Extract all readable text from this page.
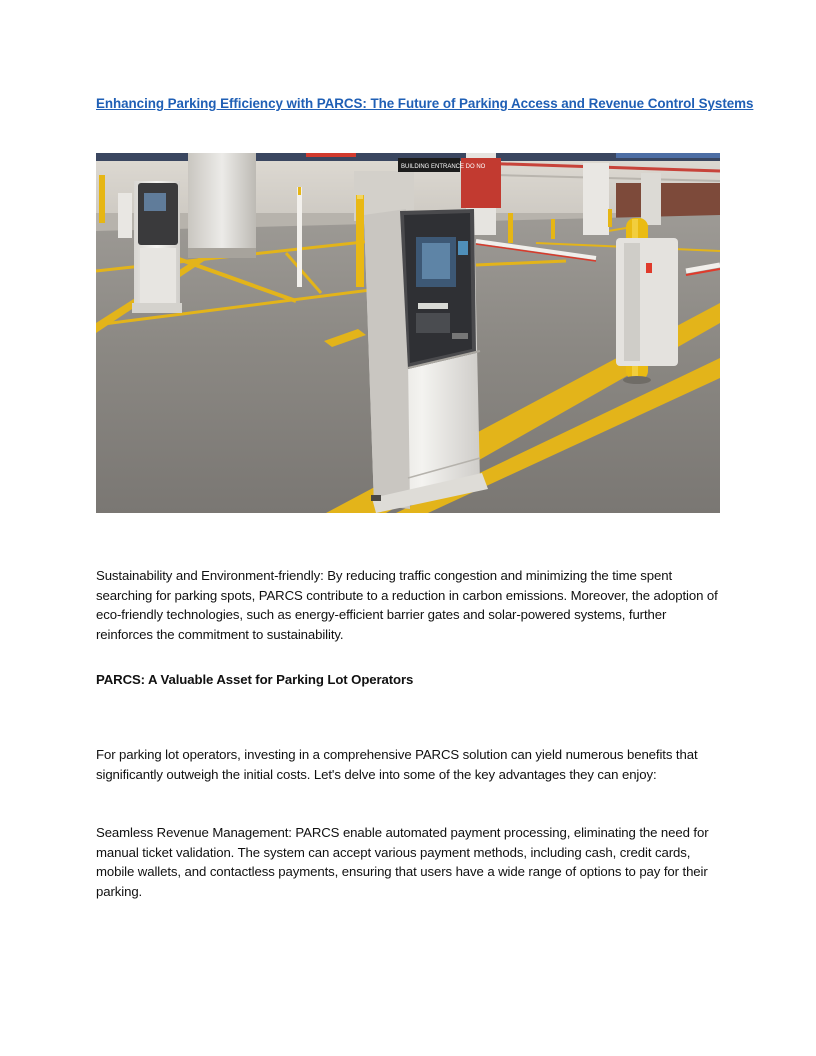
Enhancing Parking Efficiency with PARCS: The Future of Parking Access and Revenue Control Systems
BUILDING ENTRANCE DO NO

Sustainability and Environment-friendly: By reducing traffic congestion and minimizing the time spent searching for parking spots, PARCS contribute to a reduction in carbon emissions. Moreover, the adoption of eco-friendly technologies, such as energy-efficient barrier gates and solar-powered systems, further reinforces the commitment to sustainability.

PARCS: A Valuable Asset for Parking Lot Operators

For parking lot operators, investing in a comprehensive PARCS solution can yield numerous benefits that significantly outweigh the initial costs. Let's delve into some of the key advantages they can enjoy:

Seamless Revenue Management: PARCS enable automated payment processing, eliminating the need for manual ticket validation. The system can accept various payment methods, including cash, credit cards, mobile wallets, and contactless payments, ensuring that users have a wide range of options to pay for their parking.
